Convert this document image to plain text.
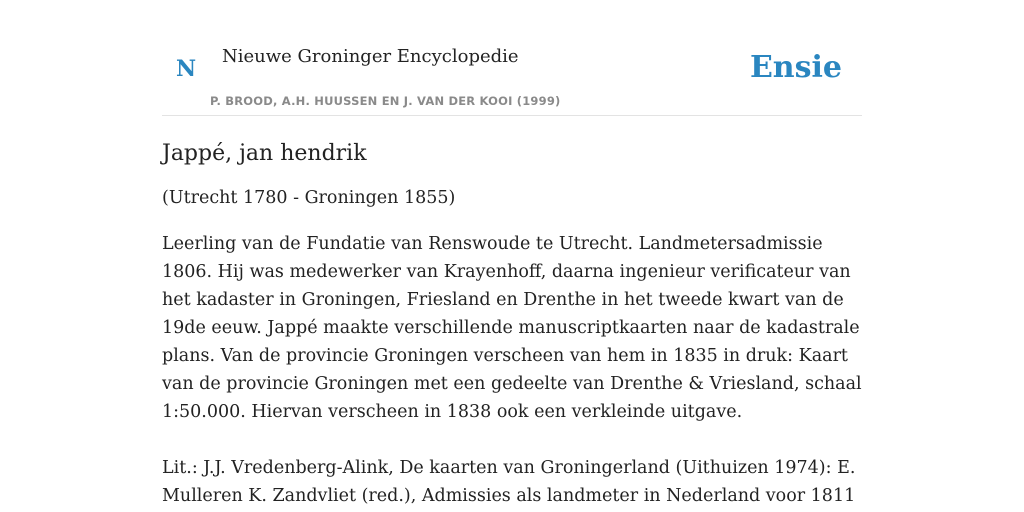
N Nieuwe Groninger Encyclopedie
P. BROOD, A.H. HUUSSEN EN J. VAN DER KOOI (1999)
Ensie
Jappé, jan hendrik

(Utrecht 1780 - Groningen 1855)

Leerling van de Fundatie van Renswoude te Utrecht. Landmetersadmissie 1806. Hij was medewerker van Krayenhoff, daarna ingenieur verificateur van het kadaster in Groningen, Friesland en Drenthe in het tweede kwart van de 19de eeuw. Jappé maakte verschillende manuscriptkaarten naar de kadastrale plans. Van de provincie Groningen verscheen van hem in 1835 in druk: Kaart van de provincie Groningen met een gedeelte van Drenthe & Vriesland, schaal 1:50.000. Hiervan verscheen in 1838 ook een verkleinde uitgave.

Lit.: J.J. Vredenberg-Alink, De kaarten van Groningerland (Uithuizen 1974): E. Mulleren K. Zandvliet (red.), Admissies als landmeter in Nederland voor 1811
